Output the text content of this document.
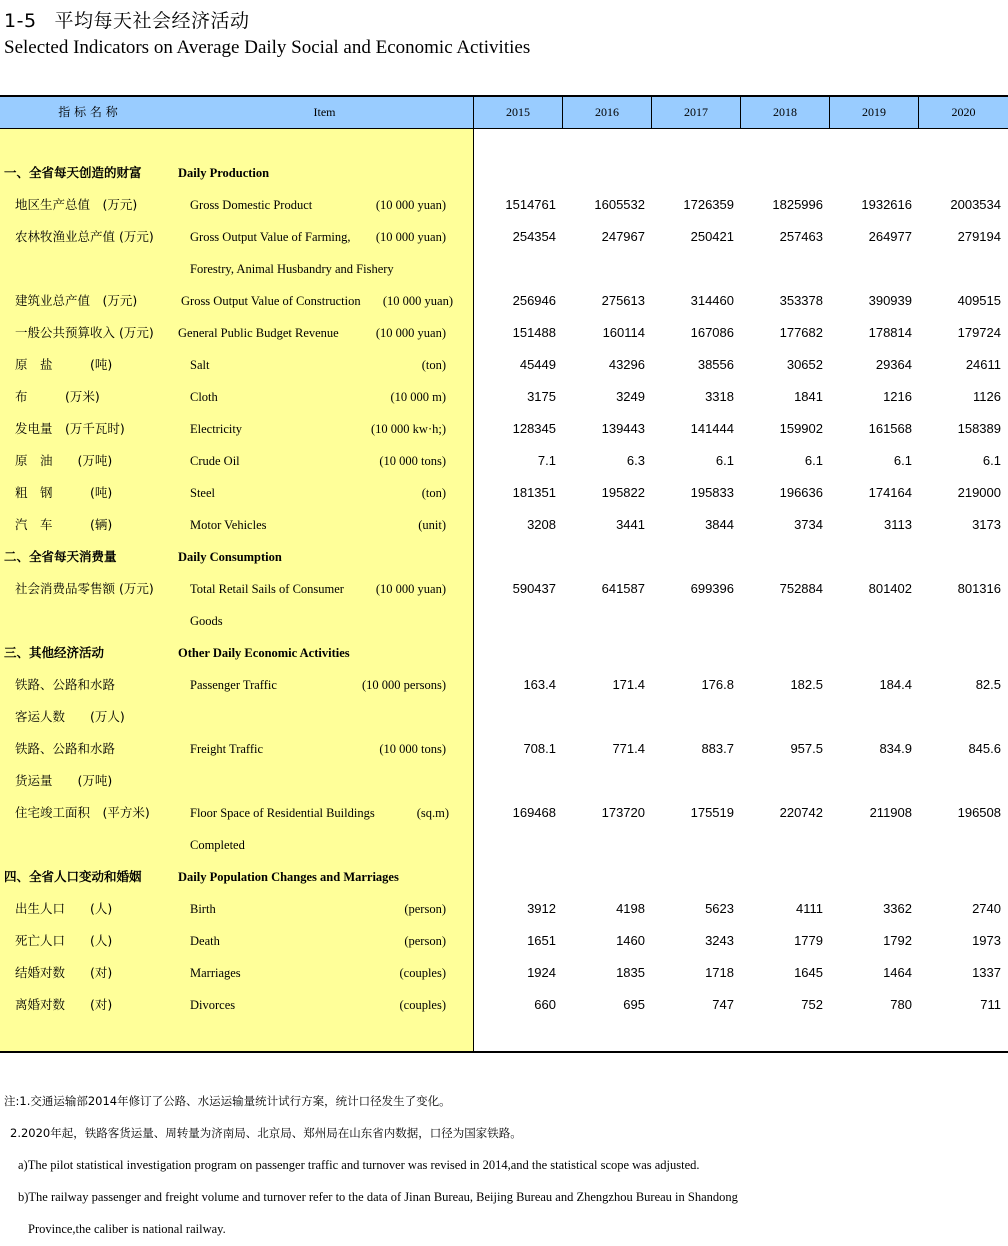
1-5 平均每天社会经济活动
Selected Indicators on Average Daily Social and Economic Activities
指 标 名 称	Item	2015	2016	2017	2018	2019	2020
一、全省每天创造的财富	Daily Production
地区生产总值　(万元)	Gross Domestic Product	(10 000 yuan)	1514761	1605532	1726359	1825996	1932616	2003534
农林牧渔业总产值 (万元)	Gross Output Value of Farming, (10 000 yuan)	254354	247967	250421	257463	264977	279194
Forestry, Animal Husbandry and Fishery
建筑业总产值　(万元)	Gross Output Value of Construction (10 000 yuan)	256946	275613	314460	353378	390939	409515
一般公共预算收入 (万元) General Public Budget Revenue	(10 000 yuan)	151488	160114	167086	177682	178814	179724
原　盐　　　(吨)	Salt	(ton)	45449	43296	38556	30652	29364	24611
布　　　(万米)	Cloth	(10 000 m)	3175	3249	3318	1841	1216	1126
发电量　(万千瓦时)	Electricity	(10 000 kw·h;)	128345	139443	141444	159902	161568	158389
原　油　　(万吨)	Crude Oil	(10 000 tons)	7.1	6.3	6.1	6.1	6.1	6.1
粗　钢　　　(吨)	Steel	(ton)	181351	195822	195833	196636	174164	219000
汽　车　　　(辆)	Motor Vehicles	(unit)	3208	3441	3844	3734	3113	3173
二、全省每天消费量	Daily Consumption
社会消费品零售额 (万元)	Total Retail Sails of Consumer	(10 000 yuan)	590437	641587	699396	752884	801402	801316
Goods
三、其他经济活动	Other Daily Economic Activities
铁路、公路和水路	Passenger Traffic	(10 000 persons)	163.4	171.4	176.8	182.5	184.4	82.5
客运人数　　(万人)
铁路、公路和水路	Freight Traffic	(10 000 tons)	708.1	771.4	883.7	957.5	834.9	845.6
货运量　　(万吨)
住宅竣工面积　(平方米)	Floor Space of Residential Buildings	(sq.m)	169468	173720	175519	220742	211908	196508
Completed
四、全省人口变动和婚姻	Daily Population Changes and Marriages
出生人口　　(人)	Birth	(person)	3912	4198	5623	4111	3362	2740
死亡人口　　(人)	Death	(person)	1651	1460	3243	1779	1792	1973
结婚对数　　(对)	Marriages	(couples)	1924	1835	1718	1645	1464	1337
离婚对数　　(对)	Divorces	(couples)	660	695	747	752	780	711
注:1.交通运输部2014年修订了公路、水运运输量统计试行方案，统计口径发生了变化。
2.2020年起，铁路客货运量、周转量为济南局、北京局、郑州局在山东省内数据，口径为国家铁路。
a)The pilot statistical investigation program on passenger traffic and turnover was revised in 2014,and the statistical scope was adjusted.
b)The railway passenger and freight volume and turnover refer to the data of Jinan Bureau, Beijing Bureau and Zhengzhou Bureau in Shandong
Province,the caliber is national railway.
